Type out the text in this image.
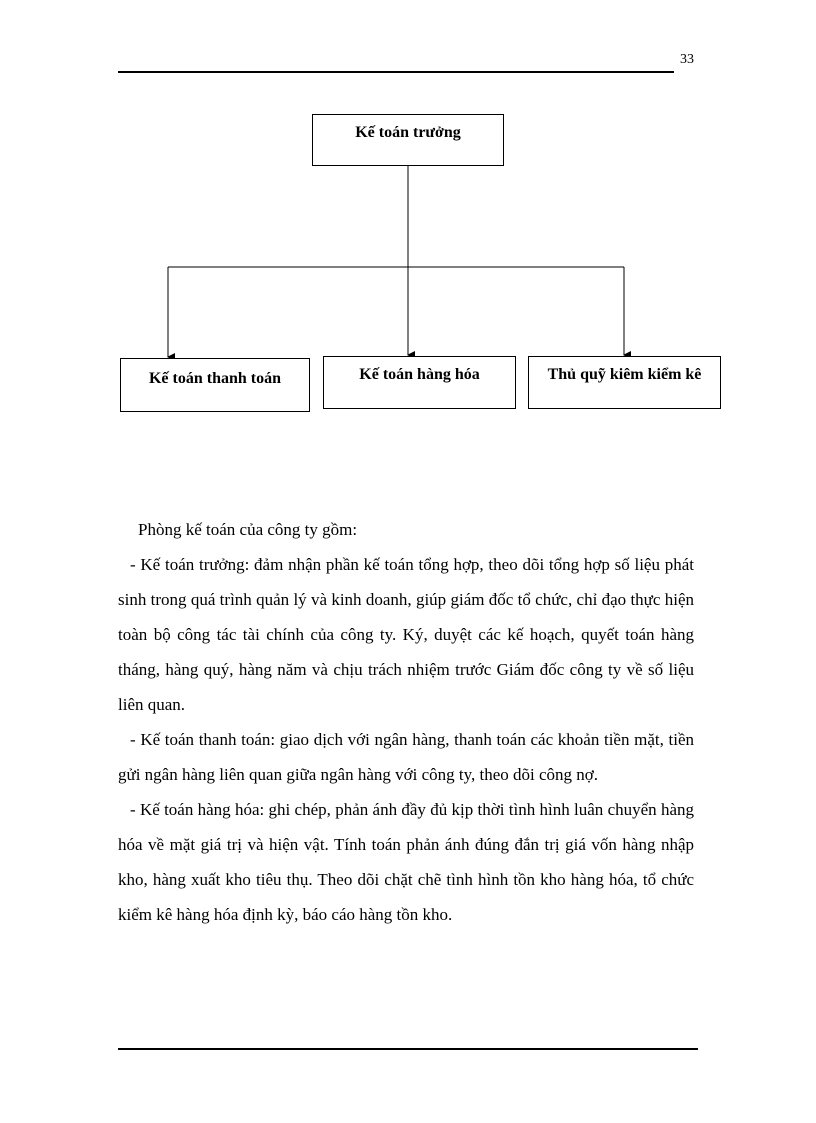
33
Kế toán trưởng
Kế toán thanh toán	Kế toán hàng hóa	Thủ quỹ kiêm kiểm kê

Phòng kế toán của công ty gồm:

- Kế toán trưởng: đảm nhận phần kế toán tổng hợp, theo dõi tổng hợp số liệu phát sinh trong quá trình quản lý và kinh doanh, giúp giám đốc tổ chức, chỉ đạo thực hiện toàn bộ công tác tài chính của công ty. Ký, duyệt các kế hoạch, quyết toán hàng tháng, hàng quý, hàng năm và chịu trách nhiệm trước Giám đốc công ty về số liệu liên quan.

- Kế toán thanh toán: giao dịch với ngân hàng, thanh toán các khoản tiền mặt, tiền gửi ngân hàng liên quan giữa ngân hàng với công ty, theo dõi công nợ.

- Kế toán hàng hóa: ghi chép, phản ánh đầy đủ kịp thời tình hình luân chuyển hàng hóa về mặt giá trị và hiện vật. Tính toán phản ánh đúng đắn trị giá vốn hàng nhập kho, hàng xuất kho tiêu thụ. Theo dõi chặt chẽ tình hình tồn kho hàng hóa, tổ chức kiểm kê hàng hóa định kỳ, báo cáo hàng tồn kho.
